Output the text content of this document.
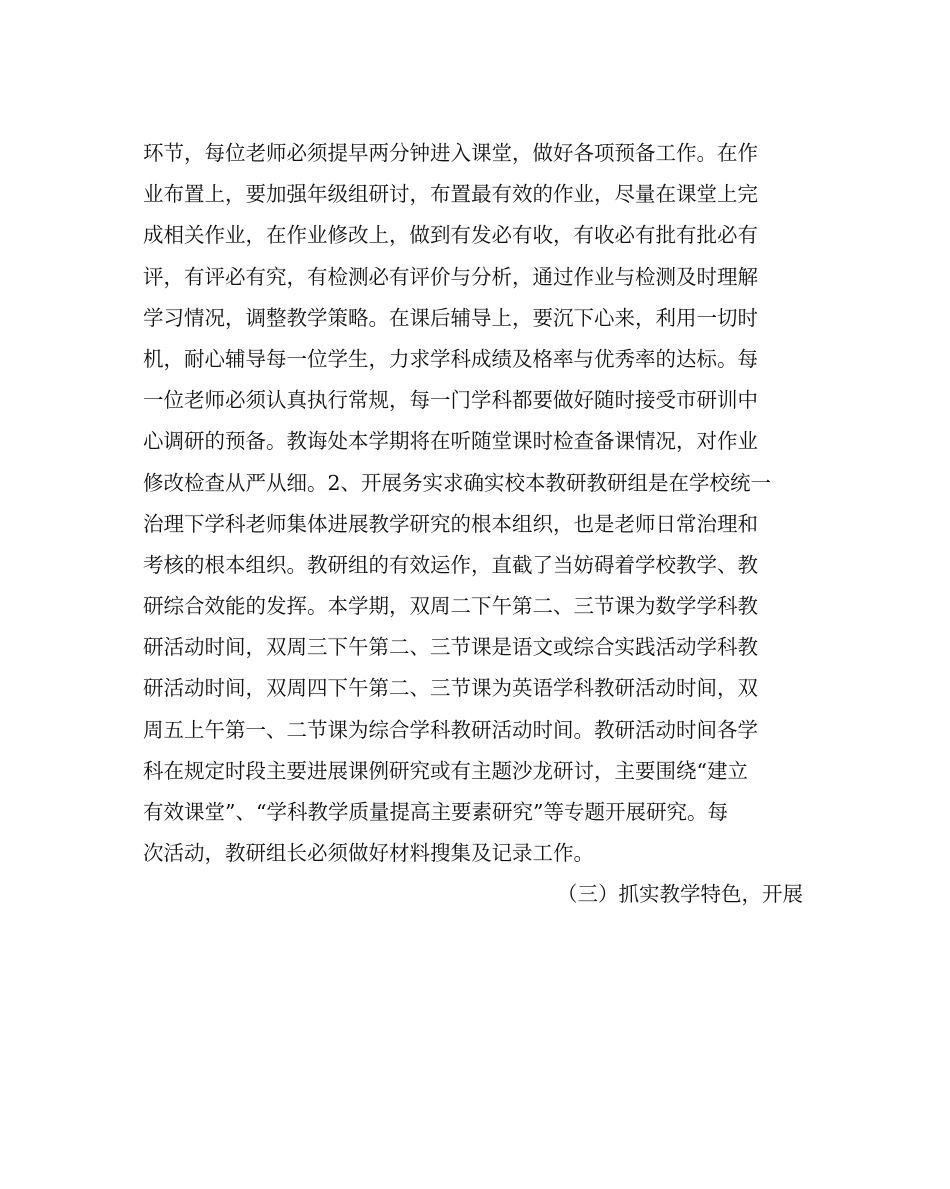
环节，每位老师必须提早两分钟进入课堂，做好各项预备工作。在作
业布置上，要加强年级组研讨，布置最有效的作业，尽量在课堂上完
成相关作业，在作业修改上，做到有发必有收，有收必有批有批必有
评，有评必有究，有检测必有评价与分析，通过作业与检测及时理解
学习情况，调整教学策略。在课后辅导上，要沉下心来，利用一切时
机，耐心辅导每一位学生，力求学科成绩及格率与优秀率的达标。每
一位老师必须认真执行常规，每一门学科都要做好随时接受市研训中
心调研的预备。教诲处本学期将在听随堂课时检查备课情况，对作业
修改检查从严从细。2、开展务实求确实校本教研教研组是在学校统一
治理下学科老师集体进展教学研究的根本组织，也是老师日常治理和
考核的根本组织。教研组的有效运作，直截了当妨碍着学校教学、教
研综合效能的发挥。本学期，双周二下午第二、三节课为数学学科教
研活动时间，双周三下午第二、三节课是语文或综合实践活动学科教
研活动时间，双周四下午第二、三节课为英语学科教研活动时间，双
周五上午第一、二节课为综合学科教研活动时间。教研活动时间各学
科在规定时段主要进展课例研究或有主题沙龙研讨，主要围绕“建立
有效课堂”、“学科教学质量提高主要素研究”等专题开展研究。每
次活动，教研组长必须做好材料搜集及记录工作。
（三）抓实教学特色，开展
